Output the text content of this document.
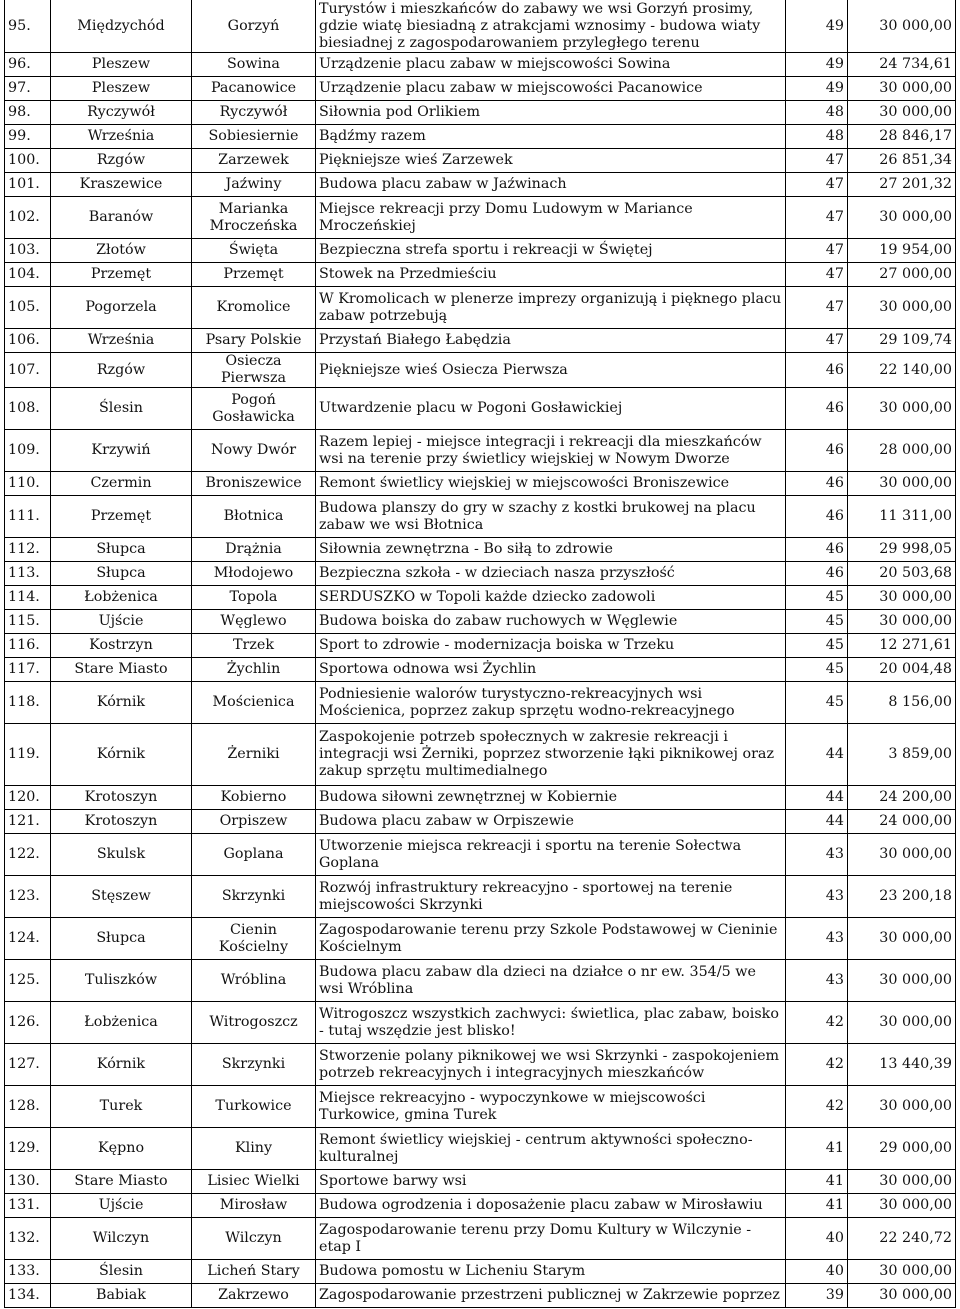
95.	Międzychód	Gorzyń	Turystów i mieszkańców do zabawy we wsi Gorzyń prosimy, gdzie wiatę biesiadną z atrakcjami wznosimy - budowa wiaty biesiadnej z zagospodarowaniem przyległego terenu	49	30 000,00
96.	Pleszew	Sowina	Urządzenie placu zabaw w miejscowości Sowina	49	24 734,61
97.	Pleszew	Pacanowice	Urządzenie placu zabaw w miejscowości Pacanowice	49	30 000,00
98.	Ryczywół	Ryczywół	Siłownia pod Orlikiem	48	30 000,00
99.	Września	Sobiesiernie	Bądźmy razem	48	28 846,17
100.	Rzgów	Zarzewek	Piękniejsze wieś Zarzewek	47	26 851,34
101.	Kraszewice	Jaźwiny	Budowa placu zabaw w Jaźwinach	47	27 201,32
102.	Baranów	Marianka Mroczeńska	Miejsce rekreacji przy Domu Ludowym w Mariance Mroczeńskiej	47	30 000,00
103.	Złotów	Święta	Bezpieczna strefa sportu i rekreacji w Świętej	47	19 954,00
104.	Przemęt	Przemęt	Stowek na Przedmieściu	47	27 000,00
105.	Pogorzela	Kromolice	W Kromolicach w plenerze imprezy organizują i pięknego placu zabaw potrzebują	47	30 000,00
106.	Września	Psary Polskie	Przystań Białego Łabędzia	47	29 109,74
107.	Rzgów	Osiecza Pierwsza	Piękniejsze wieś Osiecza Pierwsza	46	22 140,00
108.	Ślesin	Pogoń Gosławicka	Utwardzenie placu w Pogoni Gosławickiej	46	30 000,00
109.	Krzywiń	Nowy Dwór	Razem lepiej - miejsce integracji i rekreacji dla mieszkańców wsi na terenie przy świetlicy wiejskiej w Nowym Dworze	46	28 000,00
110.	Czermin	Broniszewice	Remont świetlicy wiejskiej w miejscowości Broniszewice	46	30 000,00
111.	Przemęt	Błotnica	Budowa planszy do gry w szachy z kostki brukowej na placu zabaw we wsi Błotnica	46	11 311,00
112.	Słupca	Drążnia	Siłownia zewnętrzna - Bo siłą to zdrowie	46	29 998,05
113.	Słupca	Młodojewo	Bezpieczna szkoła - w dzieciach nasza przyszłość	46	20 503,68
114.	Łobżenica	Topola	SERDUSZKO w Topoli każde dziecko zadowoli	45	30 000,00
115.	Ujście	Węglewo	Budowa boiska do zabaw ruchowych w Węglewie	45	30 000,00
116.	Kostrzyn	Trzek	Sport to zdrowie - modernizacja boiska w Trzeku	45	12 271,61
117.	Stare Miasto	Żychlin	Sportowa odnowa wsi Żychlin	45	20 004,48
118.	Kórnik	Mościenica	Podniesienie walorów turystyczno-rekreacyjnych wsi Mościenica, poprzez zakup sprzętu wodno-rekreacyjnego	45	8 156,00
119.	Kórnik	Żerniki	Zaspokojenie potrzeb społecznych w zakresie rekreacji i integracji wsi Żerniki, poprzez stworzenie łąki piknikowej oraz zakup sprzętu multimedialnego	44	3 859,00
120.	Krotoszyn	Kobierno	Budowa siłowni zewnętrznej w Kobiernie	44	24 200,00
121.	Krotoszyn	Orpiszew	Budowa placu zabaw w Orpiszewie	44	24 000,00
122.	Skulsk	Goplana	Utworzenie miejsca rekreacji i sportu na terenie Sołectwa Goplana	43	30 000,00
123.	Stęszew	Skrzynki	Rozwój infrastruktury rekreacyjno - sportowej na terenie miejscowości Skrzynki	43	23 200,18
124.	Słupca	Cienin Kościelny	Zagospodarowanie terenu przy Szkole Podstawowej w Cieninie Kościelnym	43	30 000,00
125.	Tuliszków	Wróblina	Budowa placu zabaw dla dzieci na działce o nr ew. 354/5 we wsi Wróblina	43	30 000,00
126.	Łobżenica	Witrogoszcz	Witrogoszcz wszystkich zachwyci: świetlica, plac zabaw, boisko - tutaj wszędzie jest blisko!	42	30 000,00
127.	Kórnik	Skrzynki	Stworzenie polany piknikowej we wsi Skrzynki - zaspokojeniem potrzeb rekreacyjnych i integracyjnych mieszkańców	42	13 440,39
128.	Turek	Turkowice	Miejsce rekreacyjno - wypoczynkowe w miejscowości Turkowice, gmina Turek	42	30 000,00
129.	Kępno	Kliny	Remont świetlicy wiejskiej - centrum aktywności społeczno-kulturalnej	41	29 000,00
130.	Stare Miasto	Lisiec Wielki	Sportowe barwy wsi	41	30 000,00
131.	Ujście	Mirosław	Budowa ogrodzenia i doposażenie placu zabaw w Mirosławiu	41	30 000,00
132.	Wilczyn	Wilczyn	Zagospodarowanie terenu przy Domu Kultury w Wilczynie - etap I	40	22 240,72
133.	Ślesin	Licheń Stary	Budowa pomostu w Licheniu Starym	40	30 000,00
134.	Babiak	Zakrzewo	Zagospodarowanie przestrzeni publicznej w Zakrzewie poprzez	39	30 000,00
